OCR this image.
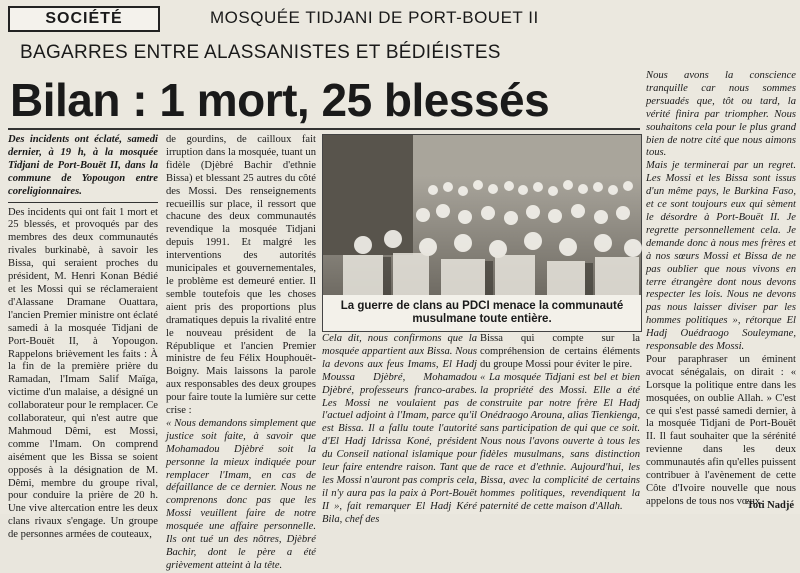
SOCIÉTÉ	MOSQUÉE TIDJANI DE PORT-BOUET II
BAGARRES ENTRE ALASSANISTES ET BÉDIÉISTES
Bilan : 1 mort, 25 blessés

Des incidents ont éclaté, samedi dernier, à 19 h, à la mosquée Tidjani de Port-Bouët II, dans la commune de Yopougon entre coreligionnaires.

Des incidents qui ont fait 1 mort et 25 blessés, et provoqués par des membres des deux communautés rivales burkinabè, à savoir les Bissa, qui seraient proches du président, M. Henri Konan Bédié et les Mossi qui se réclameraient d'Alassane Dramane Ouattara, l'ancien Premier ministre ont éclaté samedi à la mosquée Tidjani de Port-Bouët II, à Yopougon. Rappelons brièvement les faits : À la fin de la première prière du Ramadan, l'Imam Salif Maïga, victime d'un malaise, a désigné un collaborateur pour le remplacer. Ce collaborateur, qui n'est autre que Mahmoud Dêmi, est Mossi, comme l'Imam. On comprend aisément que les Bissa se soient opposés à la désignation de M. Dêmi, membre du groupe rival, pour conduire la prière de 20 h. Une vive altercation entre les deux clans rivaux s'engage. Un groupe de personnes armées de couteaux,

de gourdins, de cailloux fait irruption dans la mosquée, tuant un fidèle (Djèbré Bachir d'ethnie Bissa) et blessant 25 autres du côté des Mossi. Des renseignements recueillis sur place, il ressort que chacune des deux communautés revendique la mosquée Tidjani depuis 1991. Et malgré les interventions des autorités municipales et gouvernementales, le problème est demeuré entier. Il semble toutefois que les choses aient pris des proportions plus dramatiques depuis la rivalité entre le nouveau président de la République et l'ancien Premier ministre de feu Félix Houphouët-Boigny. Mais laissons la parole aux responsables des deux groupes pour faire toute la lumière sur cette crise :

« Nous demandons simplement que justice soit faite, à savoir que Mohamadou Djèbré soit la personne la mieux indiquée pour remplacer l'Imam, en cas de défaillance de ce dernier. Nous ne comprenons donc pas que les Mossi veuillent faire de notre mosquée une affaire personnelle. Ils ont tué un des nôtres, Djèbré Bachir, dont le père a été grièvement atteint à la tête.

La guerre de clans au PDCI menace la communauté
musulmane toute entière.

Cela dit, nous confirmons que la mosquée appartient aux Bissa. Nous la devons aux feus Imams, El Hadj Moussa Djèbré, Mohamadou Djèbré, professeurs franco-arabes. Les Mossi ne voulaient pas de l'actuel adjoint à l'Imam, parce qu'il est Bissa. Il a fallu toute l'autorité d'El Hadj Idrissa Koné, président du Conseil national islamique pour leur faire entendre raison. Tant que les Mossi n'auront pas compris cela, il n'y aura pas la paix à Port-Bouët II », fait remarquer El Hadj Kéré Bila, chef des

Bissa qui compte sur la compréhension de certains éléments du groupe Mossi pour éviter le pire.

« La mosquée Tidjani est bel et bien la propriété des Mossi. Elle a été construite par notre frère El Hadj Onédraogo Arouna, alias Tienkienga, sans participation de qui que ce soit. Nous nous l'avons ouverte à tous les fidèles musulmans, sans distinction de race et d'ethnie. Aujourd'hui, les Bissa, avec la complicité de certains hommes politiques, revendiquent la paternité de cette maison d'Allah.

Nous avons la conscience tranquille car nous sommes persuadés que, tôt ou tard, la vérité finira par triompher. Nous souhaitons cela pour le plus grand bien de notre cité que nous aimons tous.

Mais je terminerai par un regret. Les Mossi et les Bissa sont issus d'un même pays, le Burkina Faso, et ce sont toujours eux qui sèment le désordre à Port-Bouët II. Je regrette personnellement cela. Je demande donc à nous mes frères et à nos sœurs Mossi et Bissa de ne pas oublier que nous vivons en terre étrangère dont nous devons respecter les lois. Nous ne devons pas nous laisser diviser par les hommes politiques », rétorque El Hadj Ouédraogo Souleymane, responsable des Mossi.

Pour paraphraser un éminent avocat sénégalais, on dirait : « Lorsque la politique entre dans les mosquées, on oublie Allah. » C'est ce qui s'est passé samedi dernier, à la mosquée Tidjani de Port-Bouët II. Il faut souhaiter que la sérénité revienne dans les deux communautés afin qu'elles puissent contribuer à l'avènement de cette Côte d'Ivoire nouvelle que nous appelons de tous nos vœux.

Toti Nadjé
